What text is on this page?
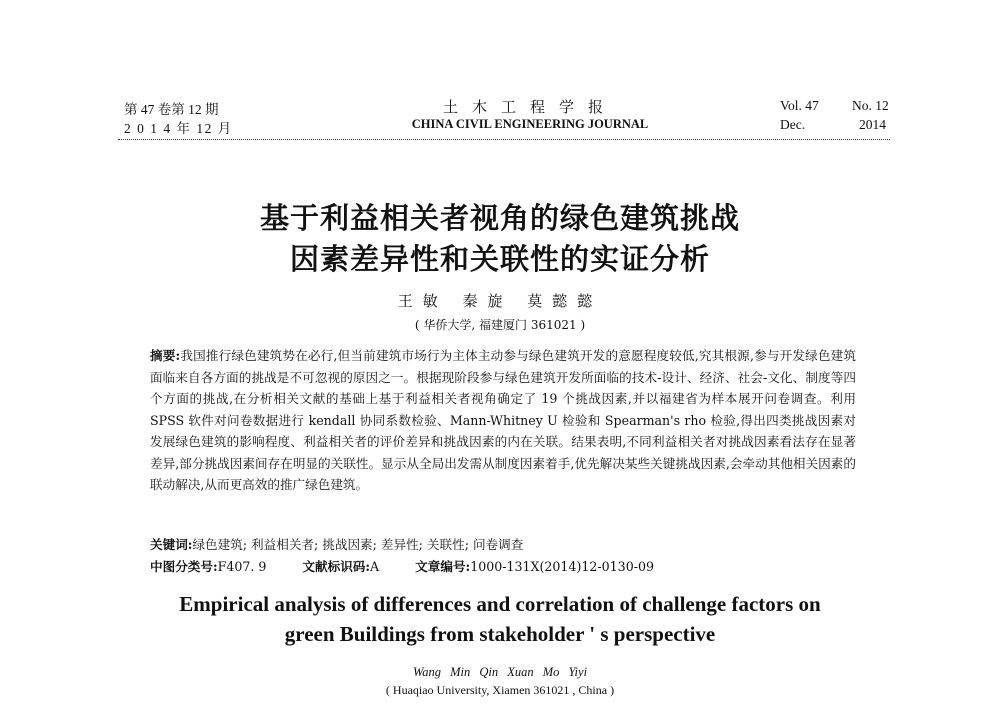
第 47 卷第 12 期
2 0 1 4 年 12 月
土木工程学报
CHINA CIVIL ENGINEERING JOURNAL
Vol. 47 No. 12
Dec.	2014
基于利益相关者视角的绿色建筑挑战
因素差异性和关联性的实证分析
王敏 秦旋 莫懿懿
( 华侨大学, 福建厦门 361021 )
摘要:我国推行绿色建筑势在必行,但当前建筑市场行为主体主动参与绿色建筑开发的意愿程度较低,究其根源,参与开发绿色建筑面临来自各方面的挑战是不可忽视的原因之一。根据现阶段参与绿色建筑开发所面临的技术-设计、经济、社会-文化、制度等四个方面的挑战,在分析相关文献的基础上基于利益相关者视角确定了 19 个挑战因素,并以福建省为样本展开问卷调查。利用 SPSS 软件对问卷数据进行 kendall 协同系数检验、Mann-Whitney U 检验和 Spearman's rho 检验,得出四类挑战因素对发展绿色建筑的影响程度、利益相关者的评价差异和挑战因素的内在关联。结果表明,不同利益相关者对挑战因素看法存在显著差异,部分挑战因素间存在明显的关联性。显示从全局出发需从制度因素着手,优先解决某些关键挑战因素,会牵动其他相关因素的联动解决,从而更高效的推广绿色建筑。
关键词:绿色建筑; 利益相关者; 挑战因素; 差异性; 关联性; 问卷调查
中图分类号:F407. 9	文献标识码:A	文章编号:1000-131X(2014)12-0130-09
Empirical analysis of differences and correlation of challenge factors on
green Buildings from stakeholder ' s perspective
Wang Min Qin Xuan Mo Yiyi
( Huaqiao University, Xiamen 361021 , China )
